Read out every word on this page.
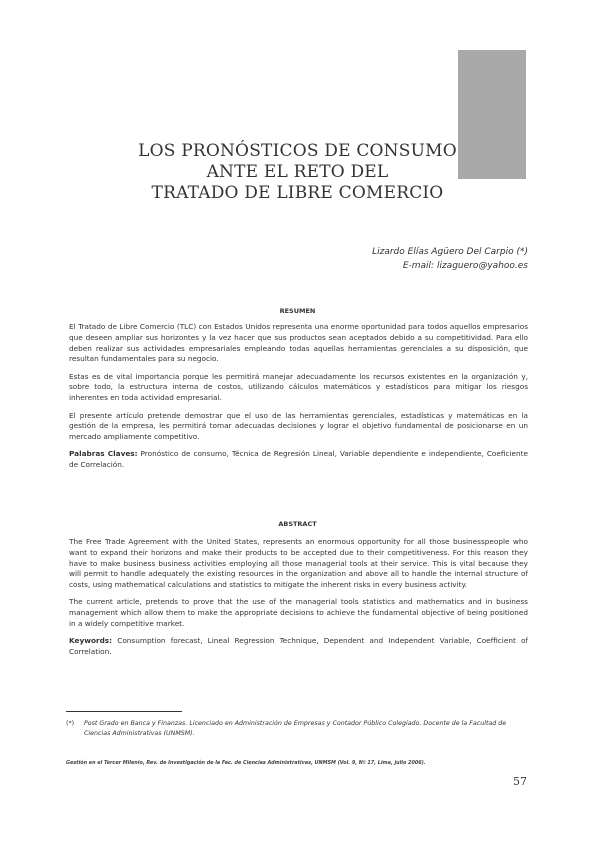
LOS PRONÓSTICOS DE CONSUMO
ANTE EL RETO DEL
TRATADO DE LIBRE COMERCIO
Lizardo Elías Agüero Del Carpio (*)
E-mail: lizaguero@yahoo.es
RESUMEN

El Tratado de Libre Comercio (TLC) con Estados Unidos representa una enorme oportunidad para todos aquellos empresarios que deseen ampliar sus horizontes y la vez hacer que sus productos sean aceptados debido a su competitividad. Para ello deben realizar sus actividades empresariales empleando todas aquellas herramientas gerenciales a su disposición, que resultan fundamentales para su negocio.

Estas es de vital importancia porque les permitirá manejar adecuadamente los recursos existentes en la organización y, sobre todo, la estructura interna de costos, utilizando cálculos matemáticos y estadísticos para mitigar los riesgos inherentes en toda actividad empresarial.

El presente artículo pretende demostrar que el uso de las herramientas gerenciales, estadísticas y matemáticas en la gestión de la empresa, les permitirá tomar adecuadas decisiones y lograr el objetivo fundamental de posicionarse en un mercado ampliamente competitivo.

Palabras Claves: Pronóstico de consumo, Técnica de Regresión Lineal, Variable dependiente e independiente, Coeficiente de Correlación.

ABSTRACT

The Free Trade Agreement with the United States, represents an enormous opportunity for all those businesspeople who want to expand their horizons and make their products to be accepted due to their competitiveness. For this reason they have to make business business activities employing all those managerial tools at their service. This is vital because they will permit to handle adequately the existing resources in the organization and above all to handle the internal structure of costs, using mathematical calculations and statistics to mitigate the inherent risks in every business activity.

The current article, pretends to prove that the use of the managerial tools statistics and mathematics and in business management which allow them to make the appropriate decisions to achieve the fundamental objective of being positioned in a widely competitive market.

Keywords: Consumption forecast, Lineal Regression Technique, Dependent and Independent Variable, Coefficient of Correlation.

(*) Post Grado en Banca y Finanzas. Licenciado en Administración de Empresas y Contador Público Colegiado. Docente de la Facultad de Ciencias Administrativas (UNMSM).
Gestión en el Tercer Milenio, Rev. de Investigación de la Fac. de Ciencias Administrativas, UNMSM (Vol. 9, Nº 17, Lima, julio 2006).
57
